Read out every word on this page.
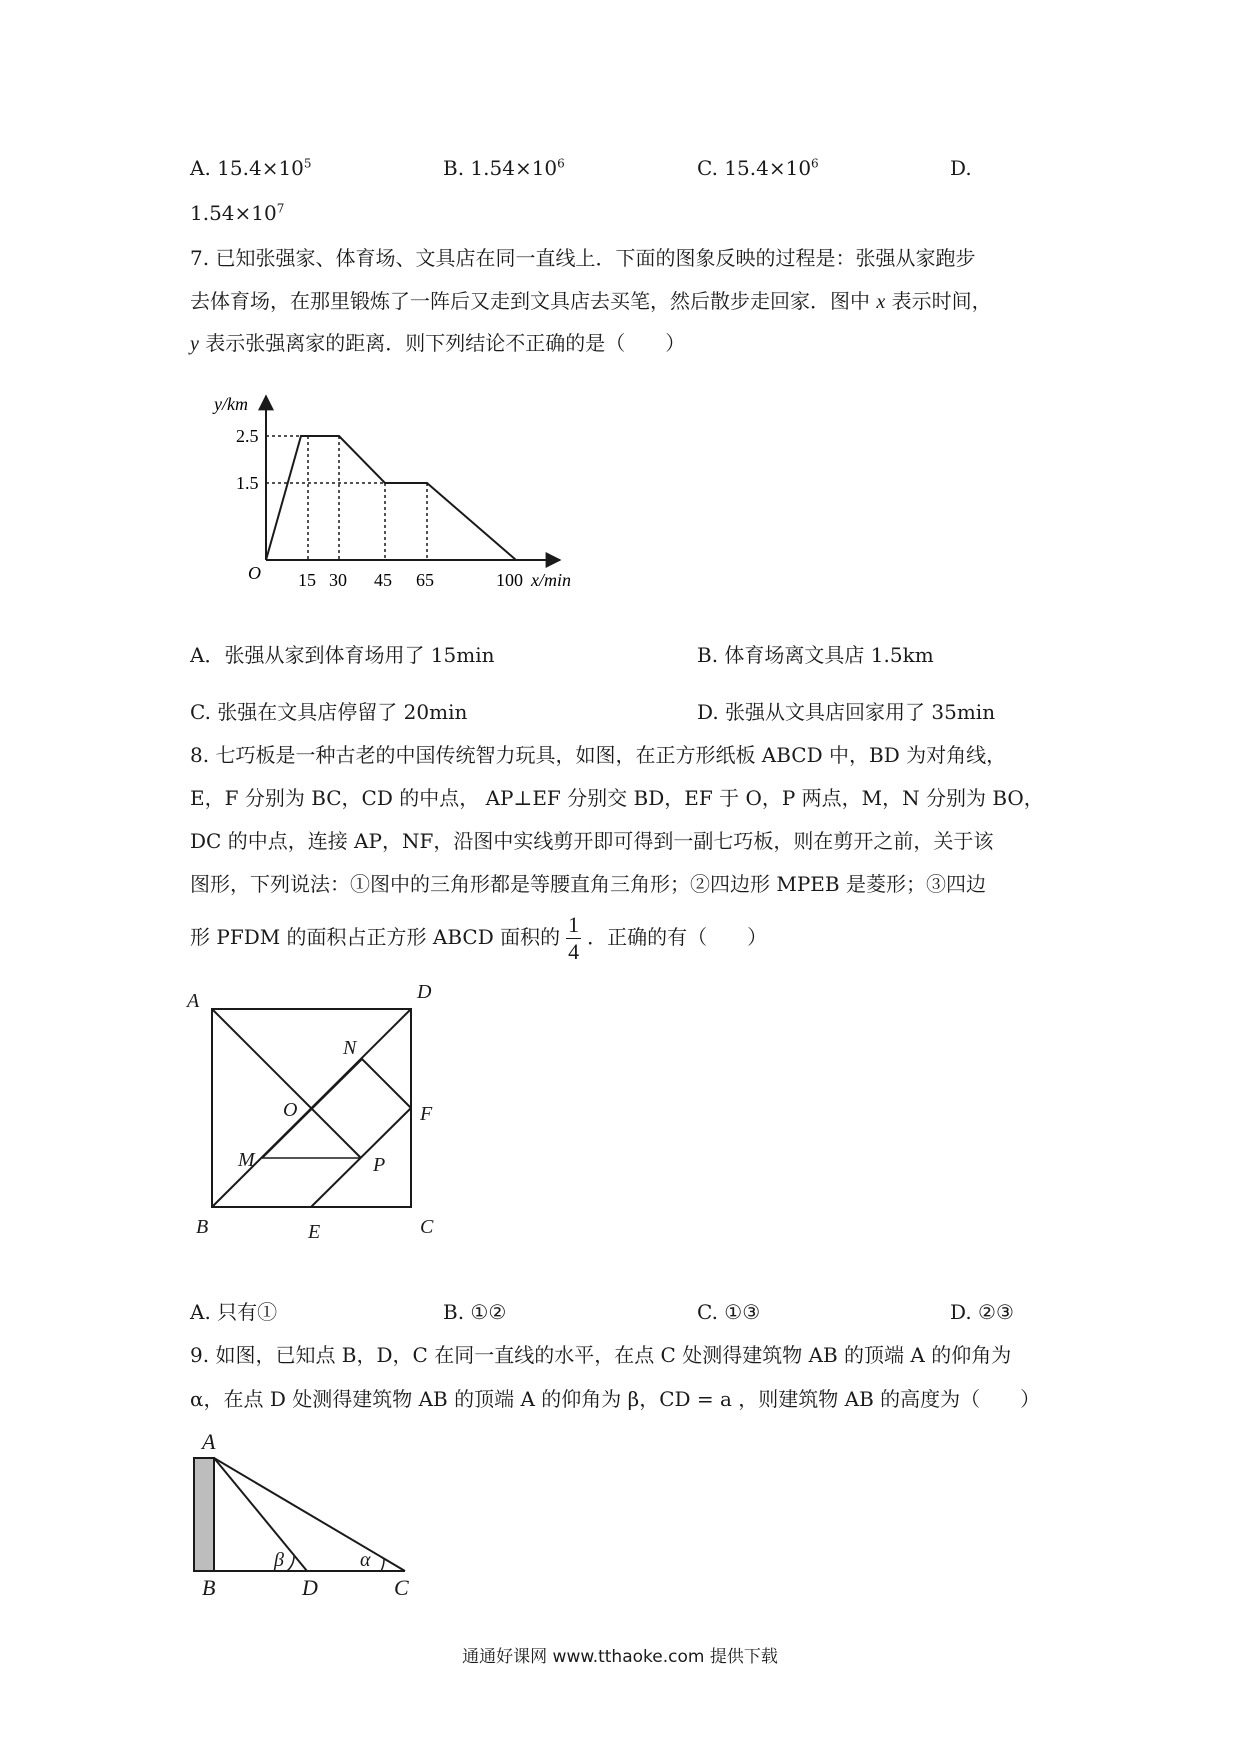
A. $15.4\times 10^5$	B. $1.54\times 10^6$	C. $15.4\times 10^6$	D.
$1.54\times 10^7$
7. 已知张强家、体育场、文具店在同一直线上．下面的图象反映的过程是：张强从家跑步
去体育场，在那里锻炼了一阵后又走到文具店去买笔，然后散步走回家．图中 x 表示时间，
y 表示张强离家的距离．则下列结论不正确的是（　　）
y/km
2.5
1.5
O 15 30 45 65	100 x/min
A．张强从家到体育场用了 15min	B. 体育场离文具店 1.5km
C. 张强在文具店停留了 20min	D. 张强从文具店回家用了 35min
8. 七巧板是一种古老的中国传统智力玩具，如图，在正方形纸板 ABCD 中，BD 为对角线，
E，F 分别为 BC，CD 的中点， AP⊥EF 分别交 BD，EF 于 O，P 两点，M，N 分别为 BO，
DC 的中点，连接 AP，NF，沿图中实线剪开即可得到一副七巧板，则在剪开之前，关于该
图形，下列说法：①图中的三角形都是等腰直角三角形；②四边形 MPEB 是菱形；③四边
形 PFDM 的面积占正方形 ABCD 面积的 $\frac{1}{4}$ ．正确的有（　　）
A	D
N
O	F
M	P
B	E	C
A. 只有①	B. ①②	C. ①③	D. ②③
9. 如图，已知点 B，D，C 在同一直线的水平，在点 C 处测得建筑物 AB 的顶端 A 的仰角为
α，在点 D 处测得建筑物 AB 的顶端 A 的仰角为 β，CD = a ，则建筑物 AB 的高度为（　　）
A
B	D	C
β	α
通通好课网 www.tthaoke.com 提供下载
